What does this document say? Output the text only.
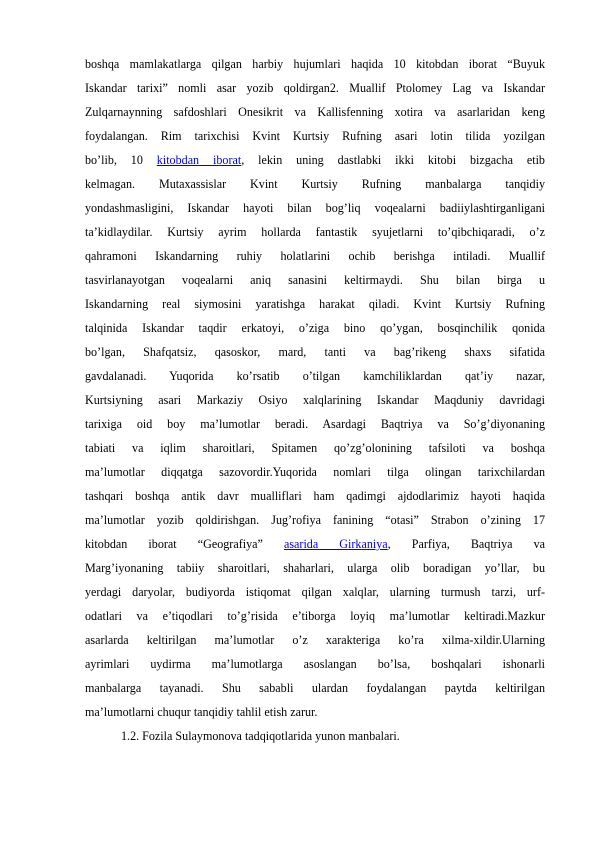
boshqa mamlakatlarga qilgan harbiy hujumlari haqida 10 kitobdan iborat “Buyuk
Iskandar tarixi” nomli asar yozib qoldirgan2. Muallif Ptolomey Lag va Iskandar
Zulqarnaynning safdoshlari Onesikrit va Kallisfenning xotira va asarlaridan keng
foydalangan. Rim tarixchisi Kvint Kurtsiy Rufning asari lotin tilida yozilgan
bo’lib, 10 kitobdan iborat, lekin uning dastlabki ikki kitobi bizgacha etib
kelmagan. Mutaxassislar Kvint Kurtsiy Rufning manbalarga tanqidiy
yondashmasligini, Iskandar hayoti bilan bog’liq voqealarni badiiylashtirganligani
ta’kidlaydilar. Kurtsiy ayrim hollarda fantastik syujetlarni to’qibchiqaradi, o’z
qahramoni Iskandarning ruhiy holatlarini ochib berishga intiladi. Muallif
tasvirlanayotgan voqealarni aniq sanasini keltirmaydi. Shu bilan birga u
Iskandarning real siymosini yaratishga harakat qiladi. Kvint Kurtsiy Rufning
talqinida Iskandar taqdir erkatoyi, o’ziga bino qo’ygan, bosqinchilik qonida
bo’lgan, Shafqatsiz, qasoskor, mard, tanti va bag’rikeng shaxs sifatida
gavdalanadi. Yuqorida ko’rsatib o’tilgan kamchiliklardan qat’iy nazar,
Kurtsiyning asari Markaziy Osiyo xalqlarining Iskandar Maqduniy davridagi
tarixiga oid boy ma’lumotlar beradi. Asardagi Baqtriya va So’g’diyonaning
tabiati va iqlim sharoitlari, Spitamen qo’zg’olonining tafsiloti va boshqa
ma’lumotlar diqqatga sazovordir.Yuqorida nomlari tilga olingan tarixchilardan
tashqari boshqa antik davr mualliflari ham qadimgi ajdodlarimiz hayoti haqida
ma’lumotlar yozib qoldirishgan. Jug’rofiya fanining “otasi” Strabon o’zining 17
kitobdan iborat “Geografiya” asarida Girkaniya, Parfiya, Baqtriya va
Marg’iyonaning tabiiy sharoitlari, shaharlari, ularga olib boradigan yo’llar, bu
yerdagi daryolar, budiyorda istiqomat qilgan xalqlar, ularning turmush tarzi, urf-
odatlari va e’tiqodlari to’g’risida e’tiborga loyiq ma’lumotlar keltiradi.Mazkur
asarlarda keltirilgan ma’lumotlar o’z xarakteriga ko’ra xilma-xildir.Ularning
ayrimlari uydirma ma’lumotlarga asoslangan bo’lsa, boshqalari ishonarli
manbalarga tayanadi. Shu sababli ulardan foydalangan paytda keltirilgan
ma’lumotlarni chuqur tanqidiy tahlil etish zarur.

1.2. Fozila Sulaymonova tadqiqotlarida yunon manbalari.
